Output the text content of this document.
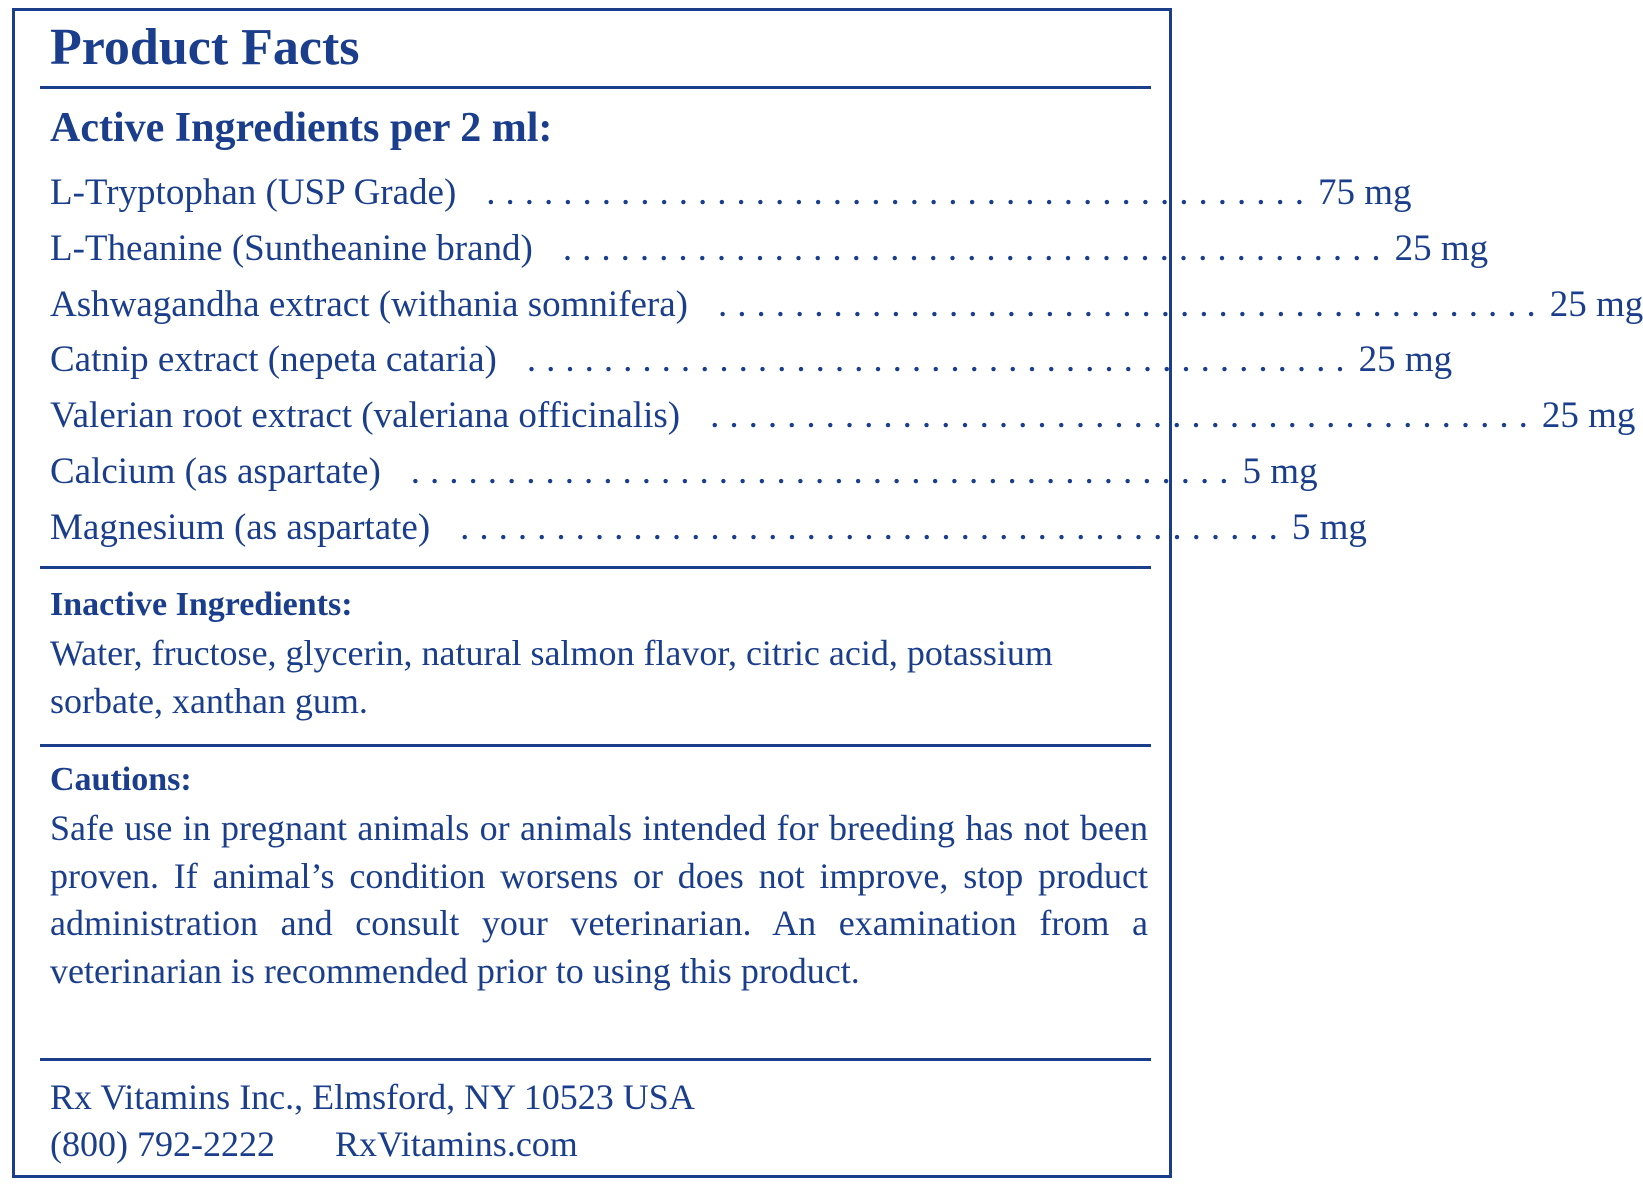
Product Facts
Active Ingredients per 2 ml:
L-Tryptophan (USP Grade) ........................................... 75 mg
L-Theanine (Suntheanine brand) ........................................... 25 mg
Ashwagandha extract (withania somnifera) ........................................... 25 mg
Catnip extract (nepeta cataria) ........................................... 25 mg
Valerian root extract (valeriana officinalis) ........................................... 25 mg
Calcium (as aspartate) ........................................... 5 mg
Magnesium (as aspartate) ........................................... 5 mg
Inactive Ingredients:
Water, fructose, glycerin, natural salmon flavor, citric acid, potassium sorbate, xanthan gum.
Cautions:
Safe use in pregnant animals or animals intended for breeding has not been proven. If animal’s condition worsens or does not improve, stop product administration and consult your veterinarian. An examination from a veterinarian is recommended prior to using this product.
Rx Vitamins Inc., Elmsford, NY 10523 USA
(800) 792-2222 RxVitamins.com
